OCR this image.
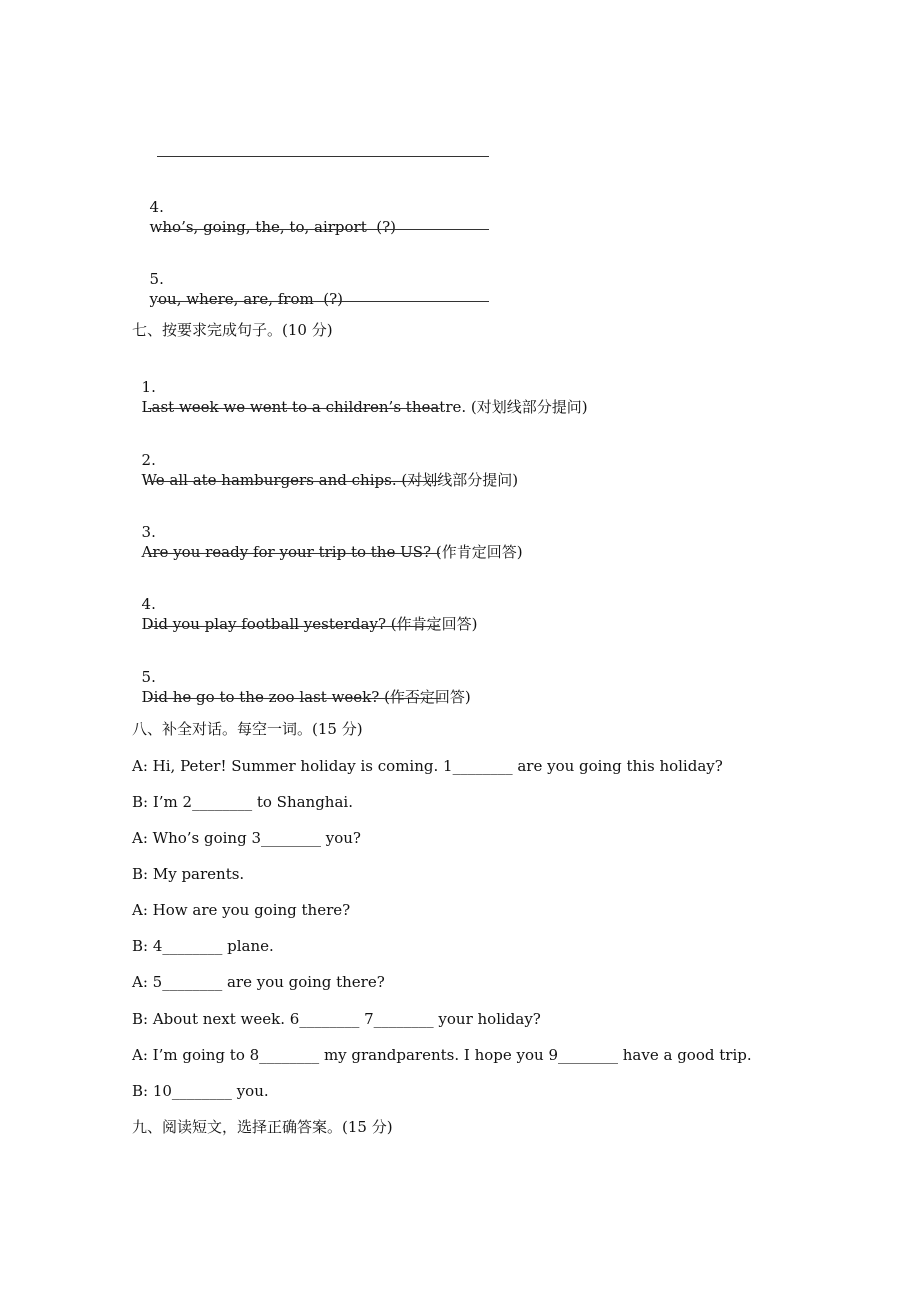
4.
who’s, going, the, to, airport  (?)

5.
you, where, are, from  (?)

七、按要求完成句子。(10 分)

1.
Last week we went to a children’s theatre. (对划线部分提问)

2.
We all ate hamburgers and chips. (对划线部分提问)

3.
Are you ready for your trip to the US? (作肯定回答)

4.
Did you play football yesterday? (作肯定回答)

5.
Did he go to the zoo last week? (作否定回答)

八、补全对话。每空一词。(15 分)
A: Hi, Peter! Summer holiday is coming. 1________ are you going this holiday?
B: I’m 2________ to Shanghai.
A: Who’s going 3________ you?
B: My parents.
A: How are you going there?
B: 4________ plane.
A: 5________ are you going there?
B: About next week. 6________ 7________ your holiday?
A: I’m going to 8________ my grandparents. I hope you 9________ have a good trip.
B: 10________ you.
九、阅读短文，选择正确答案。(15 分)
